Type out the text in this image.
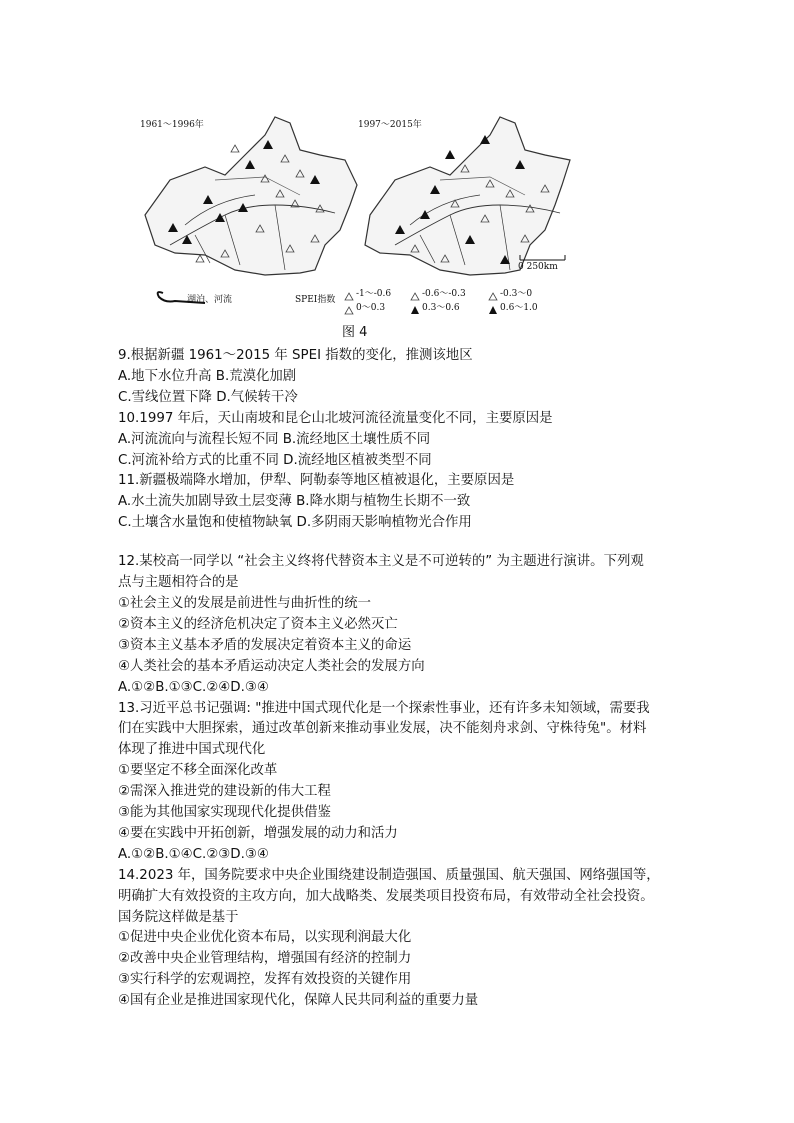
1961～1996年	1997～2015年
0 250km
湖泊、河流	SPEI指数
-1～-0.6	-0.6～-0.3	-0.3～0
0～0.3	0.3～0.6	0.6～1.0
图 4
9.根据新疆 1961～2015 年 SPEI 指数的变化，推测该地区
A.地下水位升高 B.荒漠化加剧
C.雪线位置下降 D.气候转干冷
10.1997 年后，天山南坡和昆仑山北坡河流径流量变化不同，主要原因是
A.河流流向与流程长短不同 B.流经地区土壤性质不同
C.河流补给方式的比重不同 D.流经地区植被类型不同
11.新疆极端降水增加，伊犁、阿勒泰等地区植被退化，主要原因是
A.水土流失加剧导致土层变薄 B.降水期与植物生长期不一致
C.土壤含水量饱和使植物缺氧 D.多阴雨天影响植物光合作用
12.某校高一同学以 “社会主义终将代替资本主义是不可逆转的” 为主题进行演讲。下列观
点与主题相符合的是
①社会主义的发展是前进性与曲折性的统一
②资本主义的经济危机决定了资本主义必然灭亡
③资本主义基本矛盾的发展决定着资本主义的命运
④人类社会的基本矛盾运动决定人类社会的发展方向
A.①②B.①③C.②④D.③④
13.习近平总书记强调: "推进中国式现代化是一个探索性事业，还有许多未知领域，需要我
们在实践中大胆探索，通过改革创新来推动事业发展，决不能刻舟求剑、守株待兔"。材料
体现了推进中国式现代化
①要坚定不移全面深化改革
②需深入推进党的建设新的伟大工程
③能为其他国家实现现代化提供借鉴
④要在实践中开拓创新，增强发展的动力和活力
A.①②B.①④C.②③D.③④
14.2023 年，国务院要求中央企业围绕建设制造强国、质量强国、航天强国、网络强国等，
明确扩大有效投资的主攻方向，加大战略类、发展类项目投资布局，有效带动全社会投资。
国务院这样做是基于
①促进中央企业优化资本布局，以实现利润最大化
②改善中央企业管理结构，增强国有经济的控制力
③实行科学的宏观调控，发挥有效投资的关键作用
④国有企业是推进国家现代化，保障人民共同利益的重要力量
